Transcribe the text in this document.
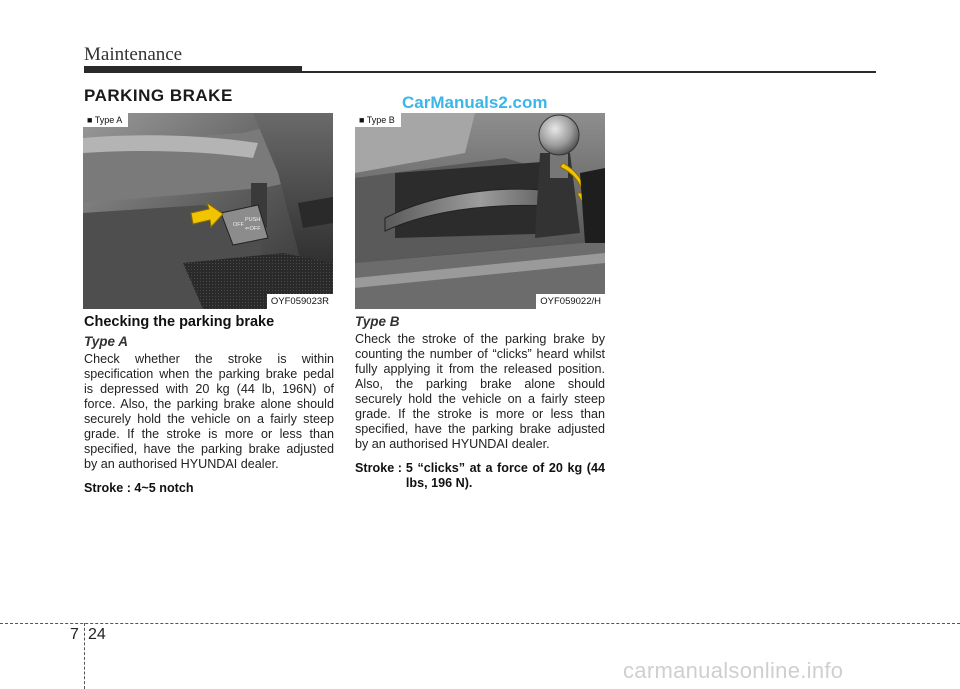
Maintenance
PARKING BRAKE	CarManuals2.com
OFF
PUSH
⇐OFF
■ Type A
OYF059023R
■ Type B
OYF059022/H
Checking the parking brake
Type A

Check whether the stroke is within specification when the parking brake pedal is depressed with 20 kg (44 lb, 196N) of force. Also, the parking brake alone should securely hold the vehicle on a fairly steep grade. If the stroke is more or less than specified, have the parking brake adjusted by an authorised HYUNDAI dealer.

Stroke : 4~5 notch
Type B

Check the stroke of the parking brake by counting the number of “clicks” heard whilst fully applying it from the released position. Also, the parking brake alone should securely hold the vehicle on a fairly steep grade. If the stroke is more or less than specified, have the parking brake adjusted by an authorised HYUNDAI dealer.

Stroke : 5 “clicks” at a force of 20 kg (44 lbs, 196 N).
7 24
carmanualsonline.info
